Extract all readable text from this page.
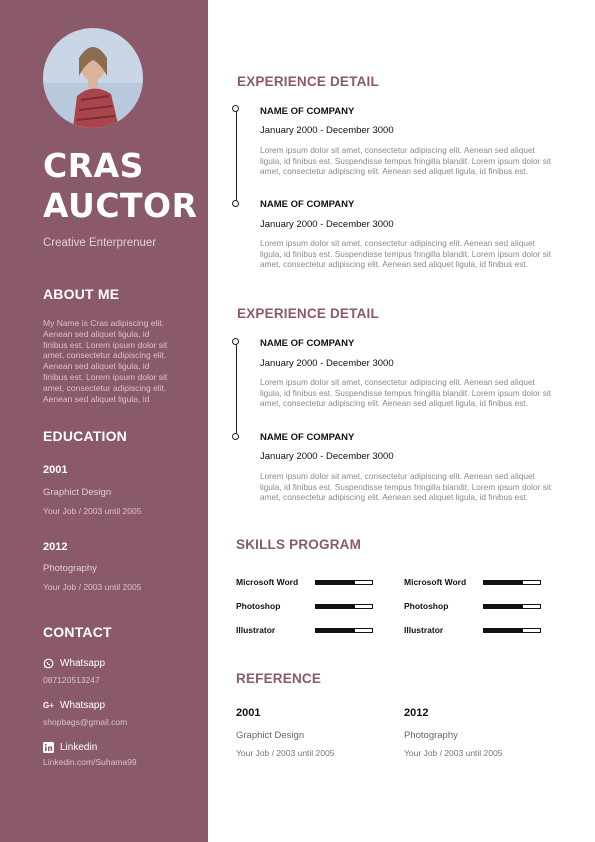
CRAS
AUCTOR
Creative Enterprenuer
ABOUT ME
My Name is Cras adipiscing elit. Aenean sed aliquet ligula, id finibus est. Lorem ipsum dolor sit amet, consectetur adipiscing elit. Aenean sed aliquet ligula, id finibus est. Lorem ipsum dolor sit amet, consectetur adipiscing elit. Aenean sed aliquet ligula, id
EDUCATION
2001
Graphict Design
Your Job / 2003 until 2005
2012
Photography
Your Job / 2003 until 2005
CONTACT
Whatsapp
087120513247
G+ Whatsapp
shopbags@gmail.com
Linkedin
Linkedin.com/Suhama99
EXPERIENCE DETAIL
NAME OF COMPANY
January 2000 - December 3000
Lorem ipsum dolor sit amet, consectetur adipiscing elit. Aenean sed aliquet ligula, id finibus est. Suspendisse tempus fringilla blandit. Lorem ipsum dolor sit amet, consectetur adipiscing elit. Aenean sed aliquet ligula, id finibus est.
NAME OF COMPANY
January 2000 - December 3000
Lorem ipsum dolor sit amet, consectetur adipiscing elit. Aenean sed aliquet ligula, id finibus est. Suspendisse tempus fringilla blandit. Lorem ipsum dolor sit amet, consectetur adipiscing elit. Aenean sed aliquet ligula, id finibus est.
EXPERIENCE DETAIL
NAME OF COMPANY
January 2000 - December 3000
Lorem ipsum dolor sit amet, consectetur adipiscing elit. Aenean sed aliquet ligula, id finibus est. Suspendisse tempus fringilla blandit. Lorem ipsum dolor sit amet, consectetur adipiscing elit. Aenean sed aliquet ligula, id finibus est.
NAME OF COMPANY
January 2000 - December 3000
Lorem ipsum dolor sit amet, consectetur adipiscing elit. Aenean sed aliquet ligula, id finibus est. Suspendisse tempus fringilla blandit. Lorem ipsum dolor sit amet, consectetur adipiscing elit. Aenean sed aliquet ligula, id finibus est.
SKILLS PROGRAM
Microsoft Word	Microsoft Word
Photoshop	Photoshop
Illustrator	Illustrator
REFERENCE
2001
Graphict Design
Your Job / 2003 until 2005
2012
Photography
Your Job / 2003 until 2005
